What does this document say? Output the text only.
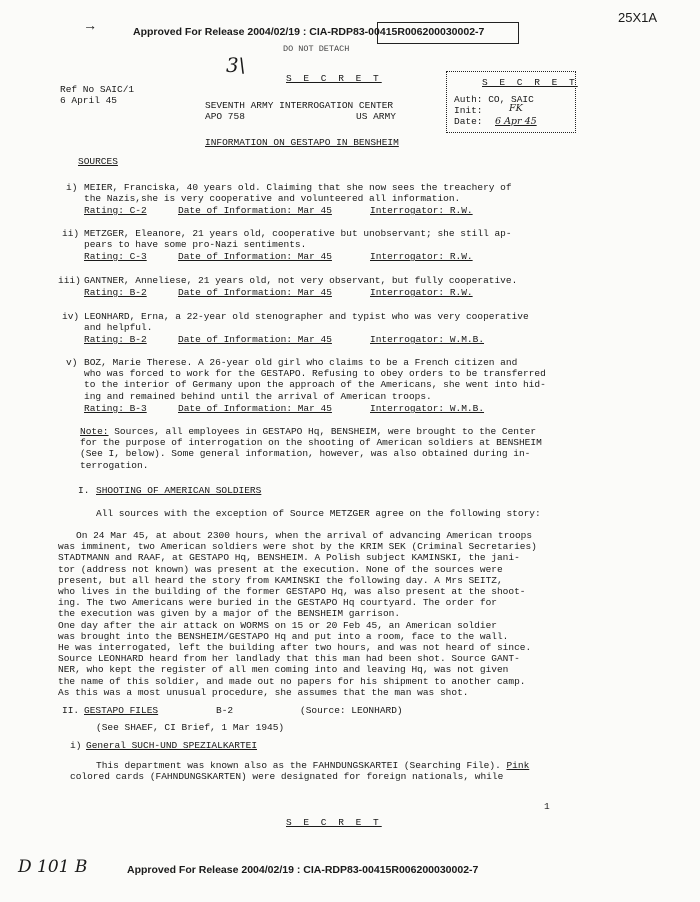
25X1A
→	Approved For Release 2004/02/19 : CIA-RDP83-00415R006200030002-7
DO NOT DETACH
3\
Ref No SAIC/1
6 April 45
S E C R E T
SEVENTH ARMY INTERROGATION CENTER
APO 758	US ARMY
S E C R E T
Auth: CO, SAIC
Init:	FK
Date: 6 Apr 45
INFORMATION ON GESTAPO IN BENSHEIM
SOURCES
i) MEIER, Franciska, 40 years old. Claiming that she now sees the treachery of
the Nazis,she is very cooperative and volunteered all information.
Rating: C-2	Date of Information: Mar 45	Interrogator: R.W.
ii) METZGER, Eleanore, 21 years old, cooperative but unobservant; she still ap-
pears to have some pro-Nazi sentiments.
Rating: C-3	Date of Information: Mar 45	Interrogator: R.W.
iii) GANTNER, Anneliese, 21 years old, not very observant, but fully cooperative.
Rating: B-2	Date of Information: Mar 45	Interrogator: R.W.
iv) LEONHARD, Erna, a 22-year old stenographer and typist who was very cooperative
and helpful.
Rating: B-2	Date of Information: Mar 45	Interrogator: W.M.B.
v) BOZ, Marie Therese. A 26-year old girl who claims to be a French citizen and
who was forced to work for the GESTAPO. Refusing to obey orders to be transferred
to the interior of Germany upon the approach of the Americans, she went into hid-
ing and remained behind until the arrival of American troops.
Rating: B-3	Date of Information: Mar 45	Interrogator: W.M.B.
Note: Sources, all employees in GESTAPO Hq, BENSHEIM, were brought to the Center
for the purpose of interrogation on the shooting of American soldiers at BENSHEIM
(See I, below). Some general information, however, was also obtained during in-
terrogation.
I. SHOOTING OF AMERICAN SOLDIERS
All sources with the exception of Source METZGER agree on the following story:
On 24 Mar 45, at about 2300 hours, when the arrival of advancing American troops
was imminent, two American soldiers were shot by the KRIM SEK (Criminal Secretaries)
STADTMANN and RAAF, at GESTAPO Hq, BENSHEIM. A Polish subject KAMINSKI, the jani-
tor (address not known) was present at the execution. None of the sources were
present, but all heard the story from KAMINSKI the following day. A Mrs SEITZ,
who lives in the building of the former GESTAPO Hq, was also present at the shoot-
ing. The two Americans were buried in the GESTAPO Hq courtyard. The order for
the execution was given by a major of the BENSHEIM garrison.
One day after the air attack on WORMS on 15 or 20 Feb 45, an American soldier
was brought into the BENSHEIM/GESTAPO Hq and put into a room, face to the wall.
He was interrogated, left the building after two hours, and was not heard of since.
Source LEONHARD heard from her landlady that this man had been shot. Source GANT-
NER, who kept the register of all men coming into and leaving Hq, was not given
the name of this soldier, and made out no papers for his shipment to another camp.
As this was a most unusual procedure, she assumes that the man was shot.
II. GESTAPO FILES	B-2	(Source: LEONHARD)
(See SHAEF, CI Brief, 1 Mar 1945)
i) General SUCH-UND SPEZIALKARTEI
This department was known also as the FAHNDUNGSKARTEI (Searching File). Pink
colored cards (FAHNDUNGSKARTEN) were designated for foreign nationals, while
1
S E C R E T
D 101 B	Approved For Release 2004/02/19 : CIA-RDP83-00415R006200030002-7
